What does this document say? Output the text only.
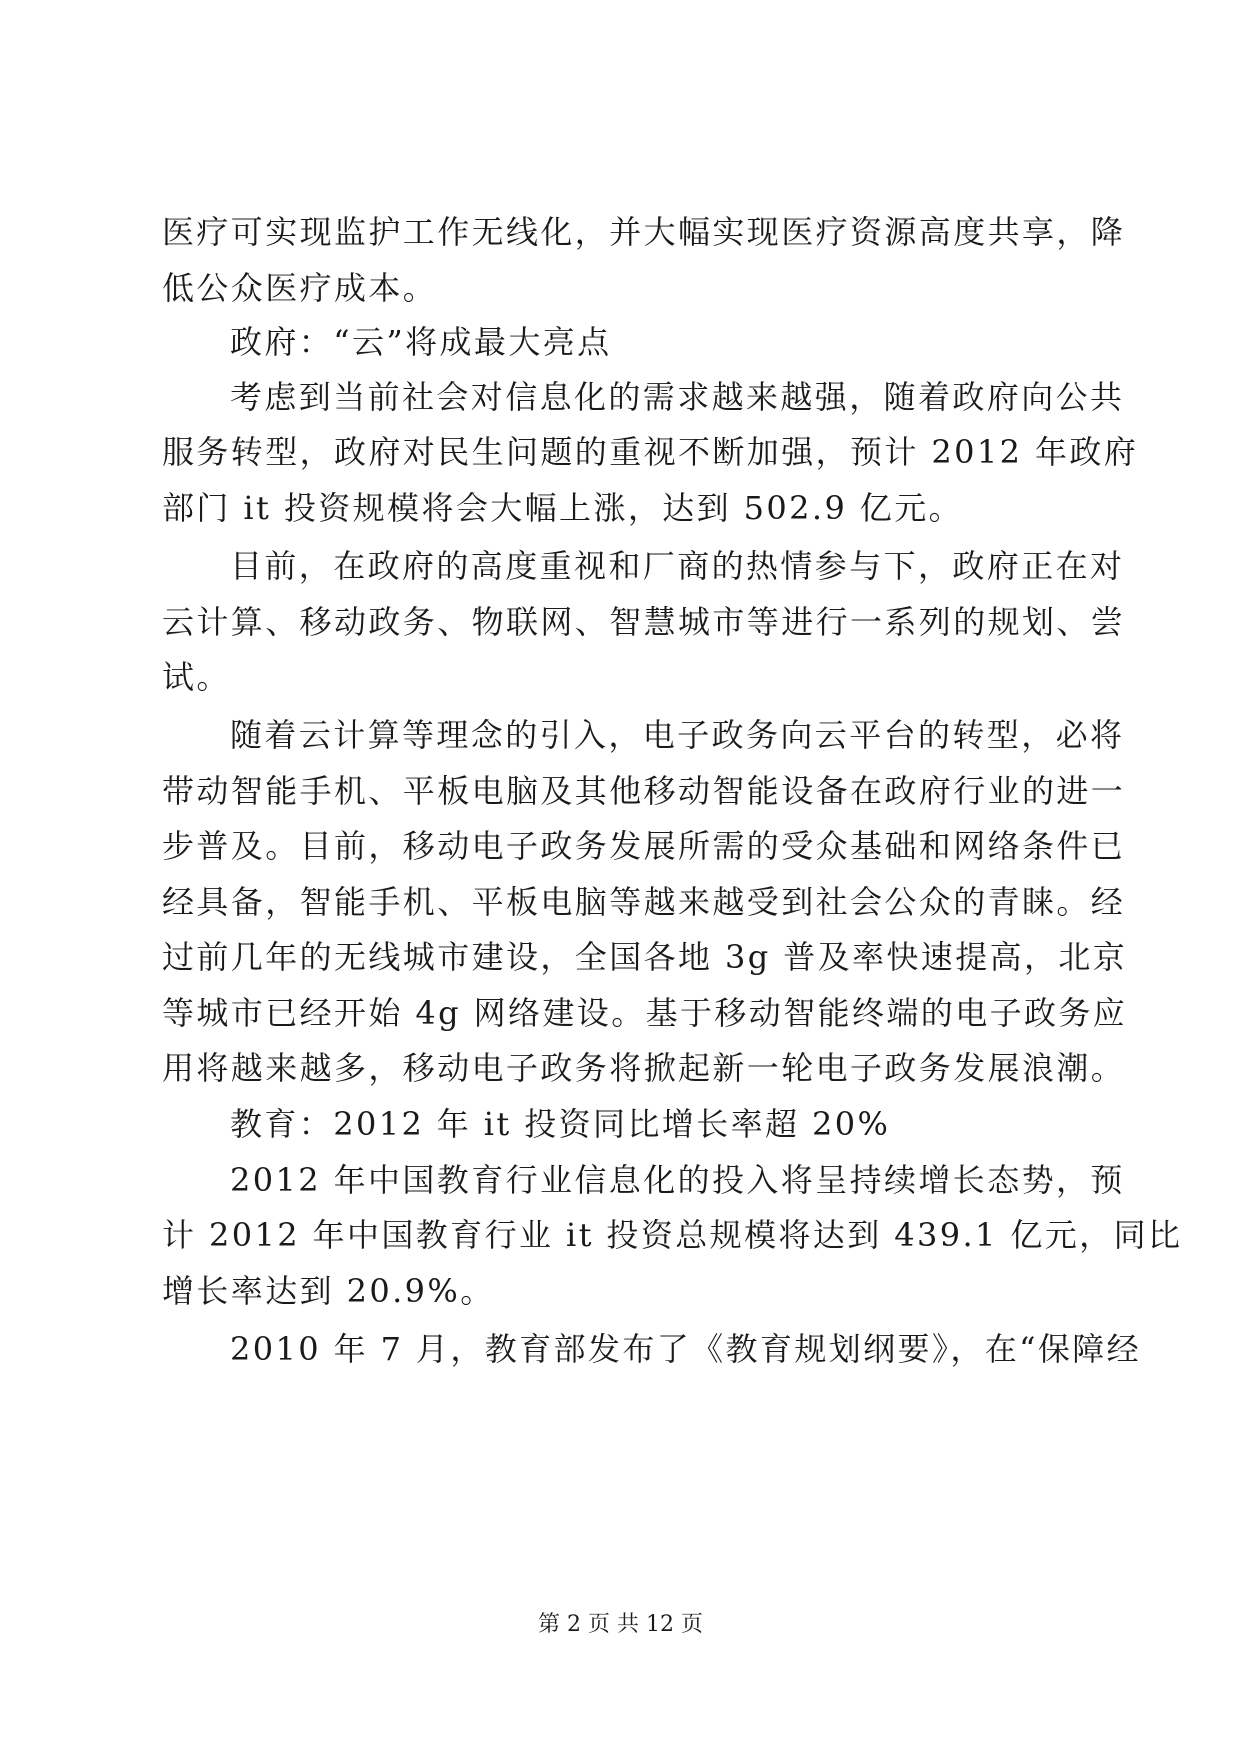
医疗可实现监护工作无线化，并大幅实现医疗资源高度共享，降
低公众医疗成本。
政府：“云”将成最大亮点
考虑到当前社会对信息化的需求越来越强，随着政府向公共
服务转型，政府对民生问题的重视不断加强，预计 2012 年政府
部门 it 投资规模将会大幅上涨，达到 502.9 亿元。
目前，在政府的高度重视和厂商的热情参与下，政府正在对
云计算、移动政务、物联网、智慧城市等进行一系列的规划、尝
试。
随着云计算等理念的引入，电子政务向云平台的转型，必将
带动智能手机、平板电脑及其他移动智能设备在政府行业的进一
步普及。目前，移动电子政务发展所需的受众基础和网络条件已
经具备，智能手机、平板电脑等越来越受到社会公众的青睐。经
过前几年的无线城市建设，全国各地 3g 普及率快速提高，北京
等城市已经开始 4g 网络建设。基于移动智能终端的电子政务应
用将越来越多，移动电子政务将掀起新一轮电子政务发展浪潮。
教育：2012 年 it 投资同比增长率超 20%
2012 年中国教育行业信息化的投入将呈持续增长态势，预
计 2012 年中国教育行业 it 投资总规模将达到 439.1 亿元，同比
增长率达到 20.9%。
2010 年 7 月，教育部发布了《教育规划纲要》，在“保障经
第 2 页 共 12 页
